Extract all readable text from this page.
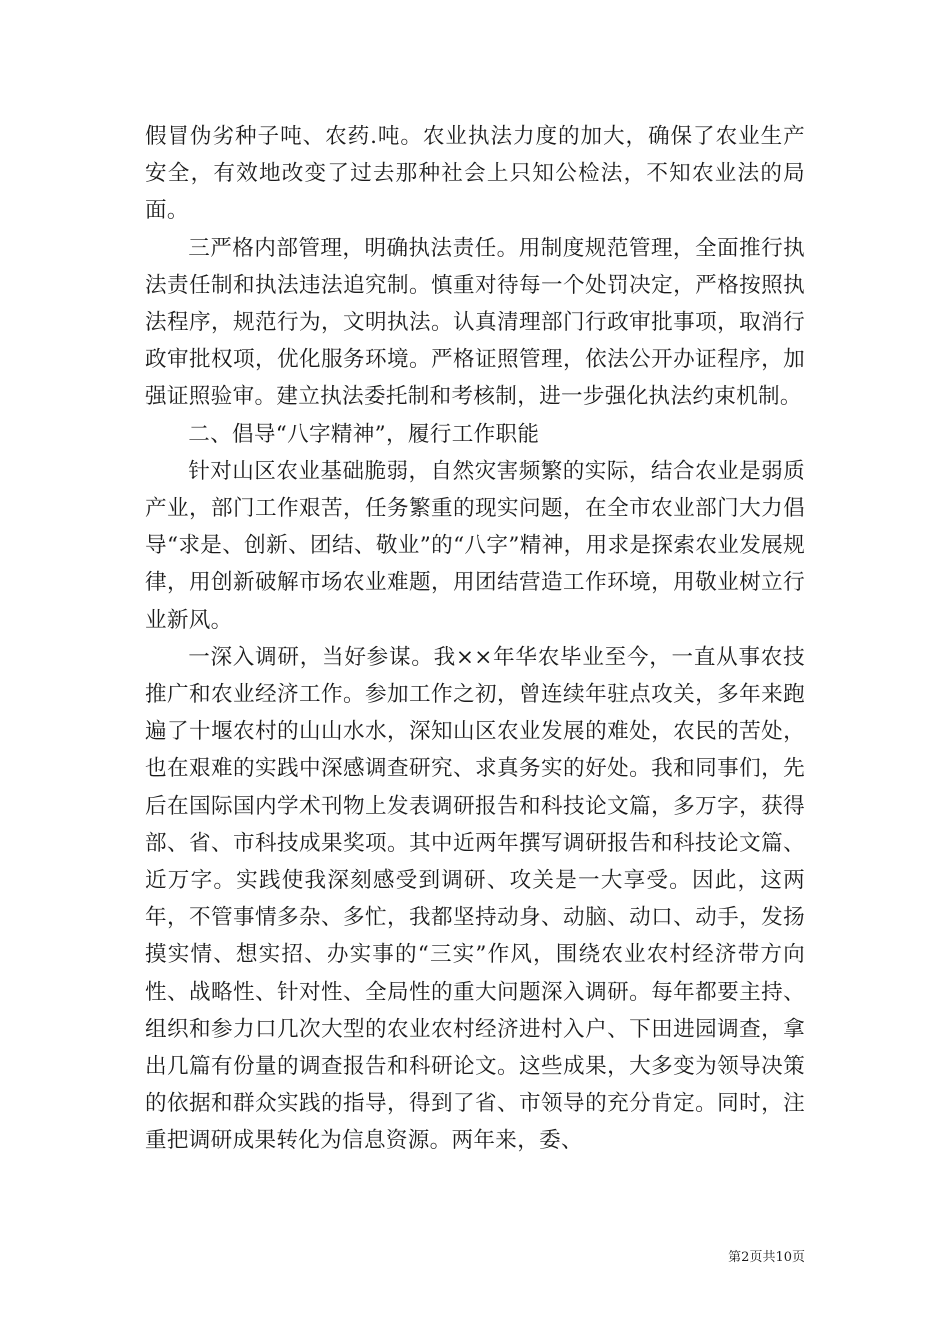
假冒伪劣种子吨、农药.吨。农业执法力度的加大，确保了农业生产安全，有效地改变了过去那种社会上只知公检法，不知农业法的局面。

三严格内部管理，明确执法责任。用制度规范管理，全面推行执法责任制和执法违法追究制。慎重对待每一个处罚决定，严格按照执法程序，规范行为，文明执法。认真清理部门行政审批事项，取消行政审批权项，优化服务环境。严格证照管理，依法公开办证程序，加强证照验审。建立执法委托制和考核制，进一步强化执法约束机制。

二、倡导“八字精神”，履行工作职能

针对山区农业基础脆弱，自然灾害频繁的实际，结合农业是弱质产业，部门工作艰苦，任务繁重的现实问题，在全市农业部门大力倡导“求是、创新、团结、敬业”的“八字”精神，用求是探索农业发展规律，用创新破解市场农业难题，用团结营造工作环境，用敬业树立行业新风。

一深入调研，当好参谋。我××年华农毕业至今，一直从事农技推广和农业经济工作。参加工作之初，曾连续年驻点攻关，多年来跑遍了十堰农村的山山水水，深知山区农业发展的难处，农民的苦处，也在艰难的实践中深感调查研究、求真务实的好处。我和同事们，先后在国际国内学术刊物上发表调研报告和科技论文篇，多万字，获得部、省、市科技成果奖项。其中近两年撰写调研报告和科技论文篇、近万字。实践使我深刻感受到调研、攻关是一大享受。因此，这两年，不管事情多杂、多忙，我都坚持动身、动脑、动口、动手，发扬摸实情、想实招、办实事的“三实”作风，围绕农业农村经济带方向性、战略性、针对性、全局性的重大问题深入调研。每年都要主持、组织和参力口几次大型的农业农村经济进村入户、下田进园调查，拿出几篇有份量的调查报告和科研论文。这些成果，大多变为领导决策的依据和群众实践的指导，得到了省、市领导的充分肯定。同时，注重把调研成果转化为信息资源。两年来，委、

第2页共10页
